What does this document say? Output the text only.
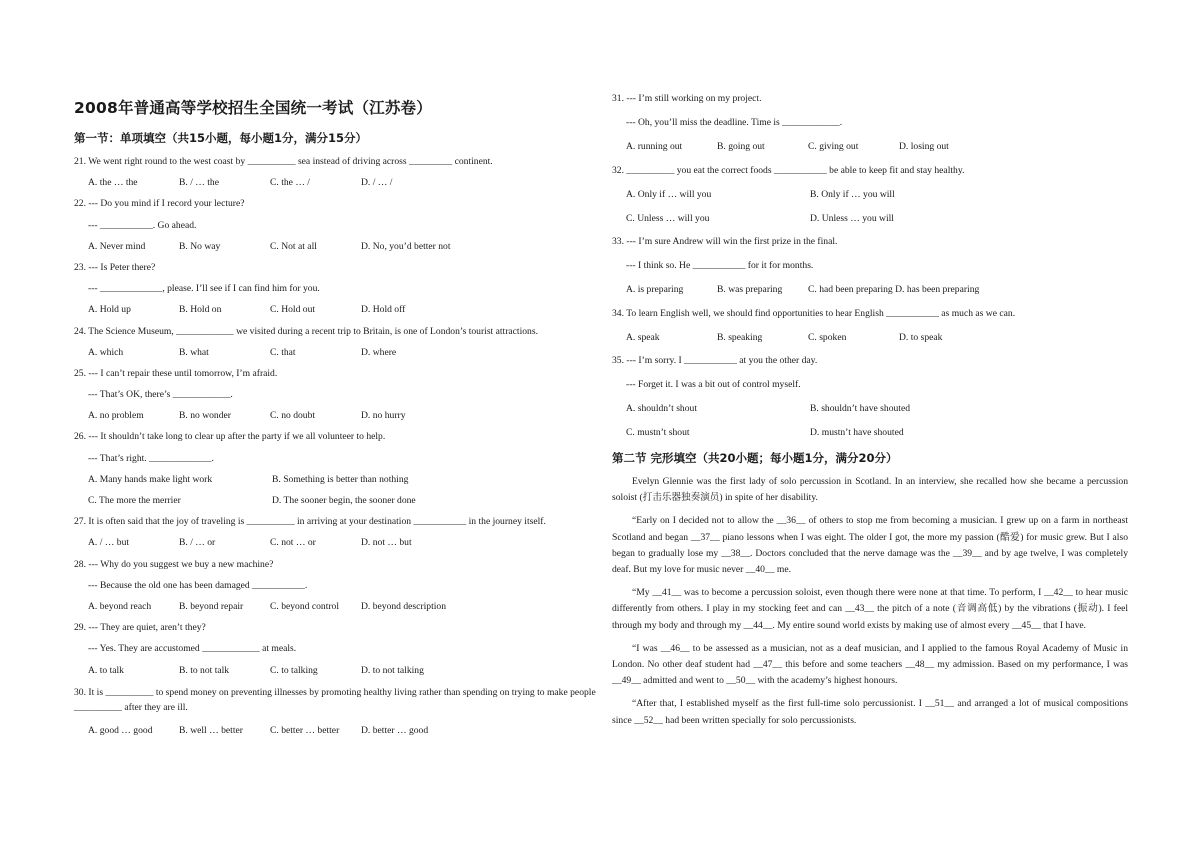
2008年普通高等学校招生全国统一考试（江苏卷）
第一节：单项填空（共15小题，每小题1分，满分15分）
21. We went right round to the west coast by __________ sea instead of driving across _________ continent.
A. the … the	B. / … the	C. the … /	D. / … /
22. --- Do you mind if I record your lecture?
--- ___________. Go ahead.
A. Never mind	B. No way	C. Not at all	D. No, you’d better not
23. --- Is Peter there?
--- _____________, please. I’ll see if I can find him for you.
A. Hold up	B. Hold on	C. Hold out	D. Hold off
24. The Science Museum, ____________ we visited during a recent trip to Britain, is one of London’s tourist attractions.
A. which	B. what	C. that	D. where
25. --- I can’t repair these until tomorrow, I’m afraid.
--- That’s OK, there’s ____________.
A. no problem	B. no wonder	C. no doubt	D. no hurry
26. --- It shouldn’t take long to clear up after the party if we all volunteer to help.
--- That’s right. _____________.
A. Many hands make light work	B. Something is better than nothing
C. The more the merrier	D. The sooner begin, the sooner done
27. It is often said that the joy of traveling is __________ in arriving at your destination ___________ in the journey itself.
A. / … but	B. / … or	C. not … or	D. not … but
28. --- Why do you suggest we buy a new machine?
--- Because the old one has been damaged ___________.
A. beyond reach	B. beyond repair	C. beyond control	D. beyond description
29. --- They are quiet, aren’t they?
--- Yes. They are accustomed ____________ at meals.
A. to talk	B. to not talk	C. to talking	D. to not talking
30. It is __________ to spend money on preventing illnesses by promoting healthy living rather than spending on trying to make people __________ after they are ill.
A. good … good	B. well … better	C. better … better	D. better … good
31. --- I’m still working on my project.
--- Oh, you’ll miss the deadline. Time is ____________.
A. running out	B. going out	C. giving out	D. losing out
32. __________ you eat the correct foods ___________ be able to keep fit and stay healthy.
A. Only if … will you	B. Only if … you will
C. Unless … will you	D. Unless … you will
33. --- I’m sure Andrew will win the first prize in the final.
--- I think so. He ___________ for it for months.
A. is preparing	B. was preparing	C. had been preparing D. has been preparing
34. To learn English well, we should find opportunities to hear English ___________ as much as we can.
A. speak	B. speaking	C. spoken	D. to speak
35. --- I’m sorry. I ___________ at you the other day.
--- Forget it. I was a bit out of control myself.
A. shouldn’t shout	B. shouldn’t have shouted
C. mustn’t shout	D. mustn’t have shouted
第二节 完形填空（共20小题；每小题1分，满分20分）
Evelyn Glennie was the first lady of solo percussion in Scotland. In an interview, she recalled how she became a percussion soloist (打击乐器独奏演员) in spite of her disability.
“Early on I decided not to allow the __36__ of others to stop me from becoming a musician. I grew up on a farm in northeast Scotland and began __37__ piano lessons when I was eight. The older I got, the more my passion (酷爱) for music grew. But I also began to gradually lose my __38__. Doctors concluded that the nerve damage was the __39__ and by age twelve, I was completely deaf. But my love for music never __40__ me.
“My __41__ was to become a percussion soloist, even though there were none at that time. To perform, I __42__ to hear music differently from others. I play in my stocking feet and can __43__ the pitch of a note (音调高低) by the vibrations (振动). I feel through my body and through my __44__. My entire sound world exists by making use of almost every __45__ that I have.
“I was __46__ to be assessed as a musician, not as a deaf musician, and I applied to the famous Royal Academy of Music in London. No other deaf student had __47__ this before and some teachers __48__ my admission. Based on my performance, I was __49__ admitted and went to __50__ with the academy’s highest honours.
“After that, I established myself as the first full-time solo percussionist. I __51__ and arranged a lot of musical compositions since __52__ had been written specially for solo percussionists.
